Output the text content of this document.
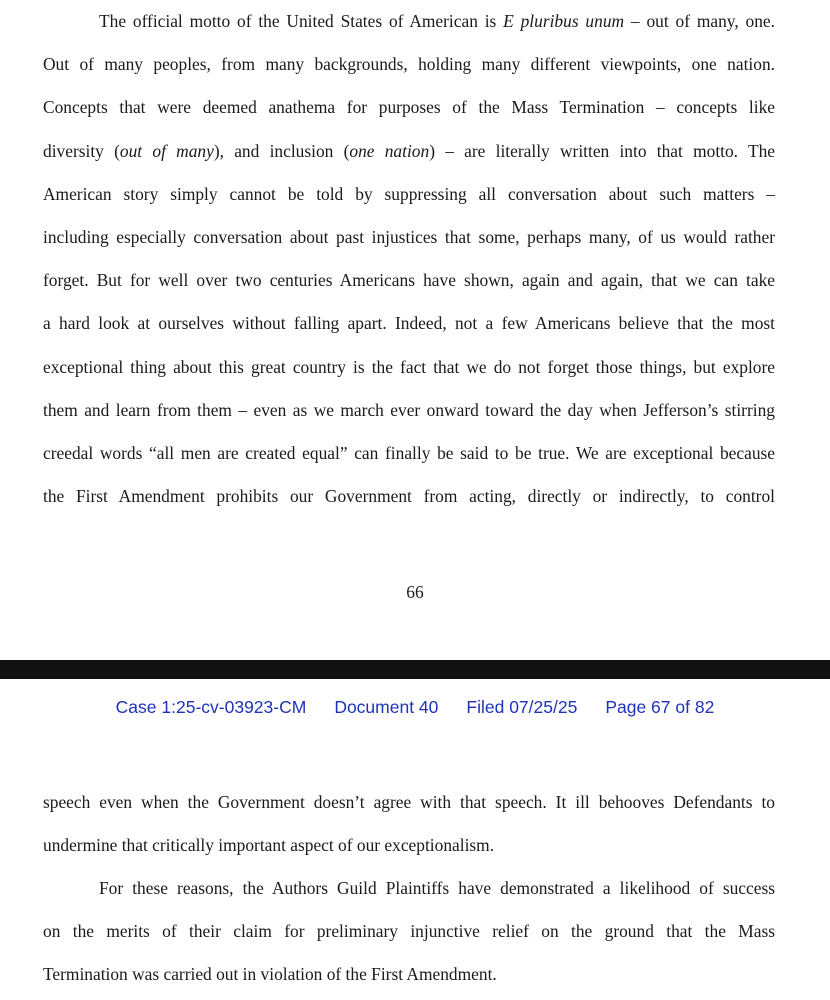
The official motto of the United States of American is E pluribus unum – out of many, one.
Out of many peoples, from many backgrounds, holding many different viewpoints, one nation.
Concepts that were deemed anathema for purposes of the Mass Termination – concepts like
diversity (out of many), and inclusion (one nation) – are literally written into that motto. The
American story simply cannot be told by suppressing all conversation about such matters –
including especially conversation about past injustices that some, perhaps many, of us would rather
forget. But for well over two centuries Americans have shown, again and again, that we can take
a hard look at ourselves without falling apart. Indeed, not a few Americans believe that the most
exceptional thing about this great country is the fact that we do not forget those things, but explore
them and learn from them – even as we march ever onward toward the day when Jefferson’s stirring
creedal words “all men are created equal” can finally be said to be true. We are exceptional because
the First Amendment prohibits our Government from acting, directly or indirectly, to control

66
Case 1:25-cv-03923-CM Document 40 Filed 07/25/25 Page 67 of 82

speech even when the Government doesn’t agree with that speech. It ill behooves Defendants to
undermine that critically important aspect of our exceptionalism.

For these reasons, the Authors Guild Plaintiffs have demonstrated a likelihood of success
on the merits of their claim for preliminary injunctive relief on the ground that the Mass
Termination was carried out in violation of the First Amendment.
